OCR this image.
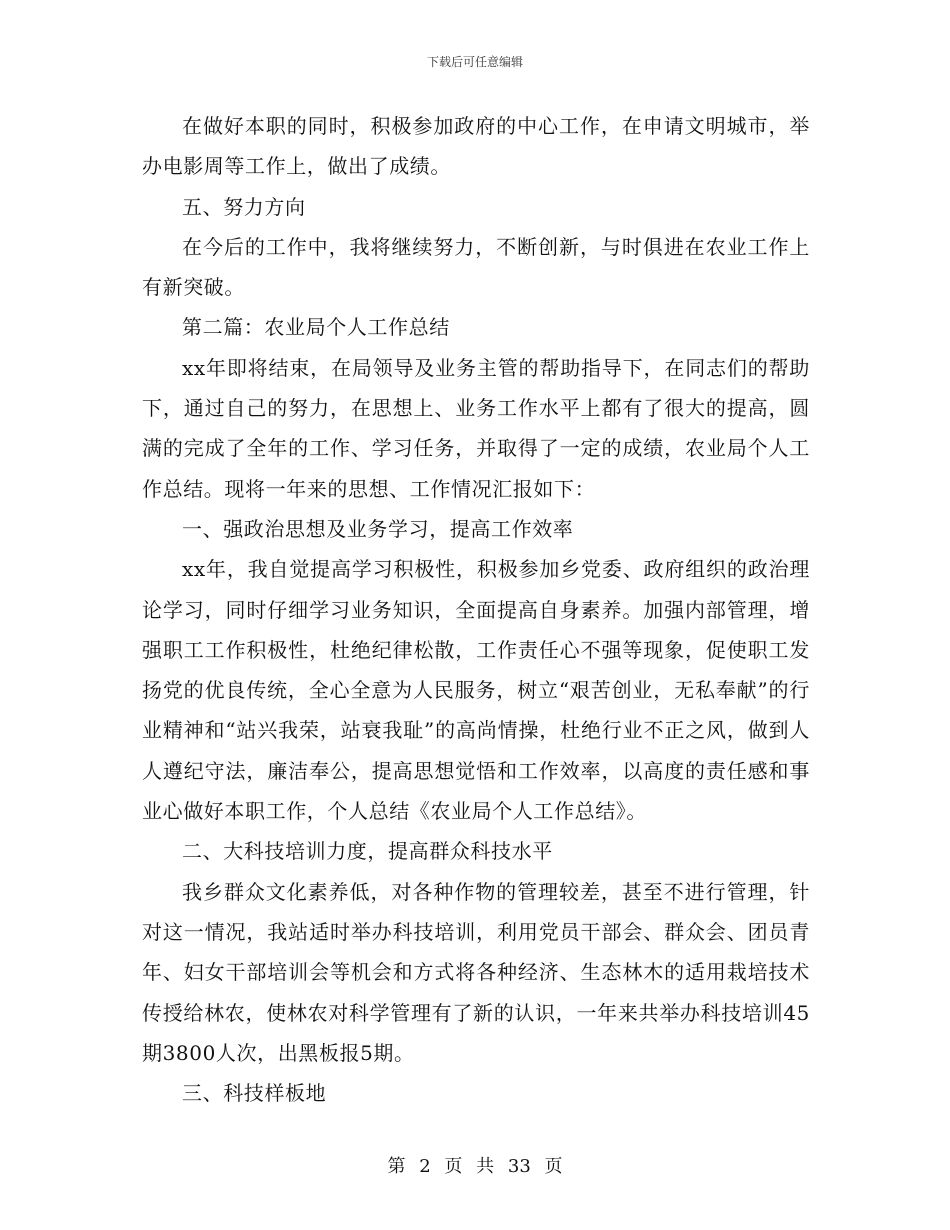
下载后可任意编辑

在做好本职的同时，积极参加政府的中心工作，在申请文明城市，举办电影周等工作上，做出了成绩。

五、努力方向

在今后的工作中，我将继续努力，不断创新，与时俱进在农业工作上有新突破。

第二篇：农业局个人工作总结

xx年即将结束，在局领导及业务主管的帮助指导下，在同志们的帮助下，通过自己的努力，在思想上、业务工作水平上都有了很大的提高，圆满的完成了全年的工作、学习任务，并取得了一定的成绩，农业局个人工作总结。现将一年来的思想、工作情况汇报如下：

一、强政治思想及业务学习，提高工作效率

xx年，我自觉提高学习积极性，积极参加乡党委、政府组织的政治理论学习，同时仔细学习业务知识，全面提高自身素养。加强内部管理，增强职工工作积极性，杜绝纪律松散，工作责任心不强等现象，促使职工发扬党的优良传统，全心全意为人民服务，树立“艰苦创业，无私奉献”的行业精神和“站兴我荣，站衰我耻”的高尚情操，杜绝行业不正之风，做到人人遵纪守法，廉洁奉公，提高思想觉悟和工作效率，以高度的责任感和事业心做好本职工作，个人总结《农业局个人工作总结》。

二、大科技培训力度，提高群众科技水平

我乡群众文化素养低，对各种作物的管理较差，甚至不进行管理，针对这一情况，我站适时举办科技培训，利用党员干部会、群众会、团员青年、妇女干部培训会等机会和方式将各种经济、生态林木的适用栽培技术传授给林农，使林农对科学管理有了新的认识，一年来共举办科技培训45期3800人次，出黑板报5期。

三、科技样板地

第 2 页 共 33 页
